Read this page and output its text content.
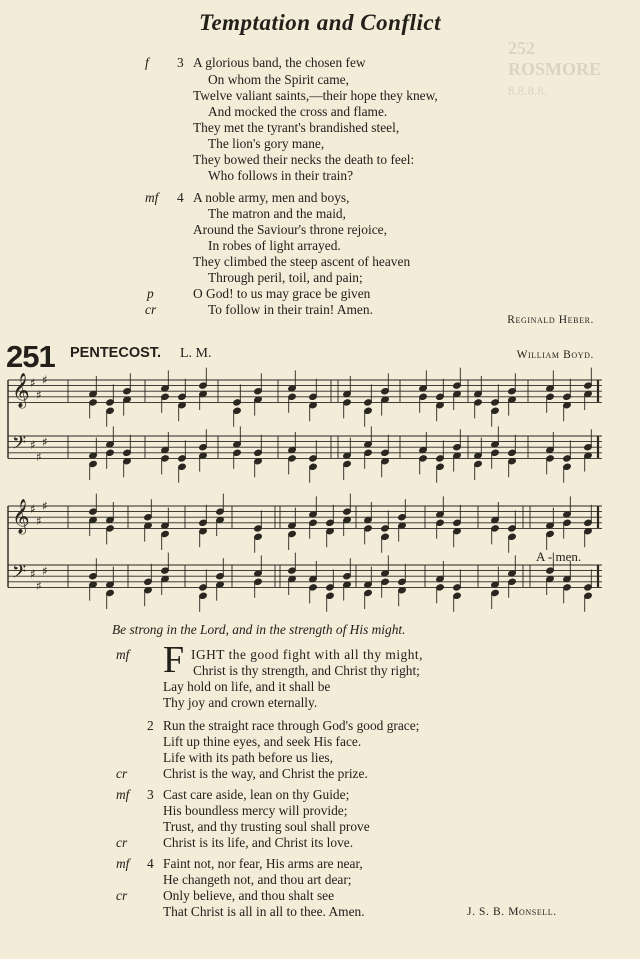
252 ROSMORE
8.8.8.8.
Temptation and Conflict
f 3 A glorious band, the chosen few
On whom the Spirit came,
Twelve valiant saints,—their hope they knew,
And mocked the cross and flame.
They met the tyrant's brandished steel,
The lion's gory mane,
They bowed their necks the death to feel:
Who follows in their train?
mf 4 A noble army, men and boys,
The matron and the maid,
Around the Saviour's throne rejoice,
In robes of light arrayed.
They climbed the steep ascent of heaven
Through peril, toil, and pain;
p	O God! to us may grace be given
cr	To follow in their train! Amen.
Reginald Heber.
251 PENTECOST. L. M.	William Boyd.
𝄞 ♯
♯
♯
𝄢 ♯
♯
♯
𝄞 ♯
♯
♯
𝄢 ♯
♯
♯
A - men.
Be strong in the Lord, and in the strength of His might.
mf F IGHT the good fight with all thy might,
Christ is thy strength, and Christ thy right;
Lay hold on life, and it shall be
Thy joy and crown eternally.
2 Run the straight race through God's good grace;
Lift up thine eyes, and seek His face.
Life with its path before us lies,
cr	Christ is the way, and Christ the prize.
mf 3 Cast care aside, lean on thy Guide;
His boundless mercy will provide;
Trust, and thy trusting soul shall prove
cr	Christ is its life, and Christ its love.
mf 4 Faint not, nor fear, His arms are near,
He changeth not, and thou art dear;
cr	Only believe, and thou shalt see
That Christ is all in all to thee. Amen.	J. S. B. Monsell.
